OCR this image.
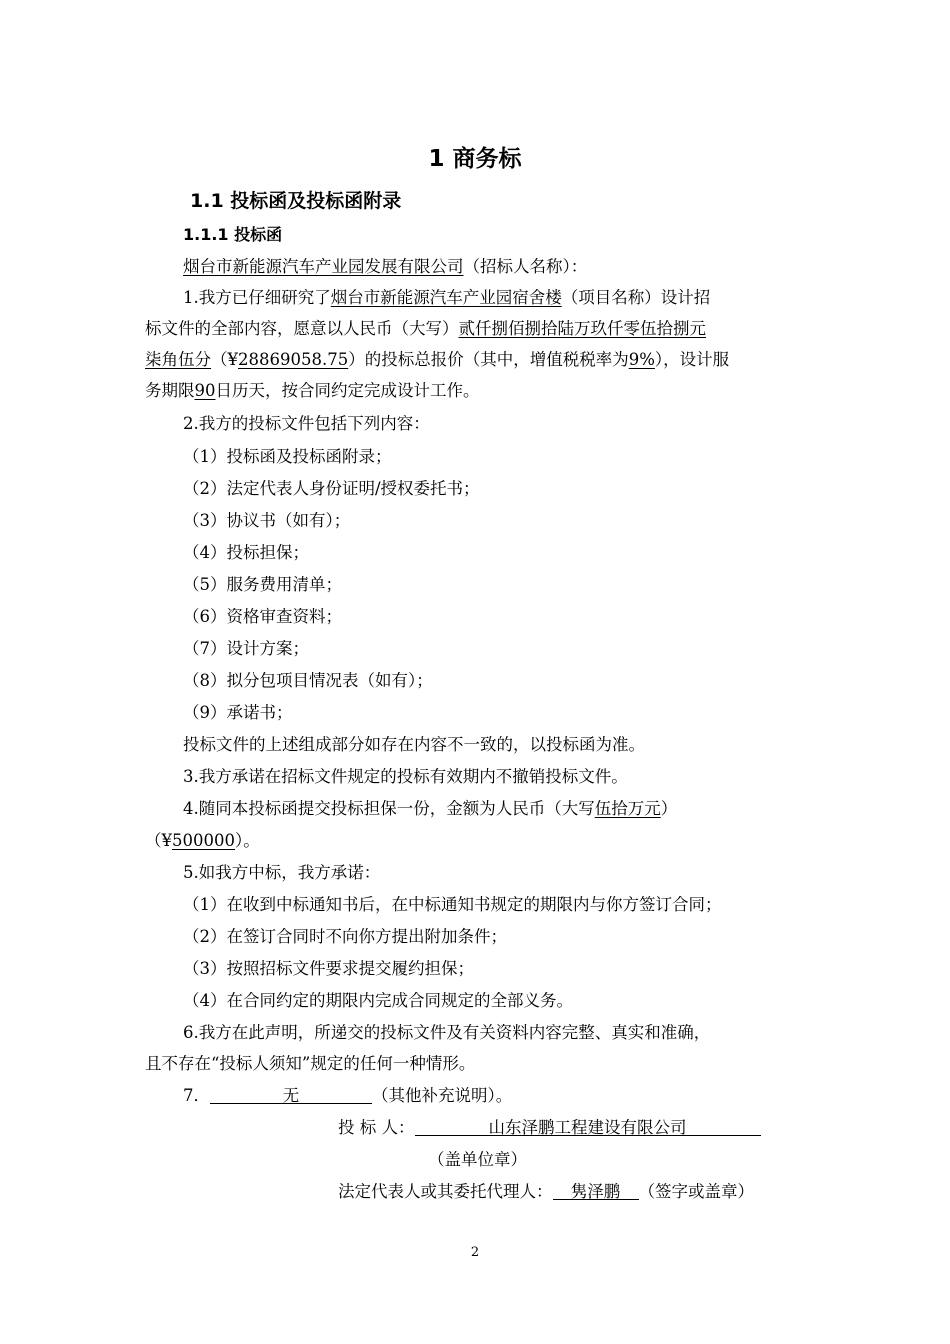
1 商务标
1.1 投标函及投标函附录
1.1.1 投标函
烟台市新能源汽车产业园发展有限公司（招标人名称）：
1.我方已仔细研究了烟台市新能源汽车产业园宿舍楼（项目名称）设计招
标文件的全部内容，愿意以人民币（大写）贰仟捌佰捌拾陆万玖仟零伍拾捌元
柒角伍分（¥28869058.75）的投标总报价（其中，增值税税率为9%），设计服
务期限90日历天，按合同约定完成设计工作。
2.我方的投标文件包括下列内容：
（1）投标函及投标函附录；
（2）法定代表人身份证明/授权委托书；
（3）协议书（如有）；
（4）投标担保；
（5）服务费用清单；
（6）资格审查资料；
（7）设计方案；
（8）拟分包项目情况表（如有）；
（9）承诺书；
投标文件的上述组成部分如存在内容不一致的，以投标函为准。
3.我方承诺在招标文件规定的投标有效期内不撤销投标文件。
4.随同本投标函提交投标担保一份，金额为人民币（大写伍拾万元）
（¥500000）。
5.如我方中标，我方承诺：
（1）在收到中标通知书后，在中标通知书规定的期限内与你方签订合同；
（2）在签订合同时不向你方提出附加条件；
（3）按照招标文件要求提交履约担保；
（4）在合同约定的期限内完成合同规定的全部义务。
6.我方在此声明，所递交的投标文件及有关资料内容完整、真实和准确，
且不存在“投标人须知”规定的任何一种情形。
7．	无	（其他补充说明）。
投 标 人：	山东泽鹏工程建设有限公司
（盖单位章）
法定代表人或其委托代理人： 隽泽鹏 （签字或盖章）
2
